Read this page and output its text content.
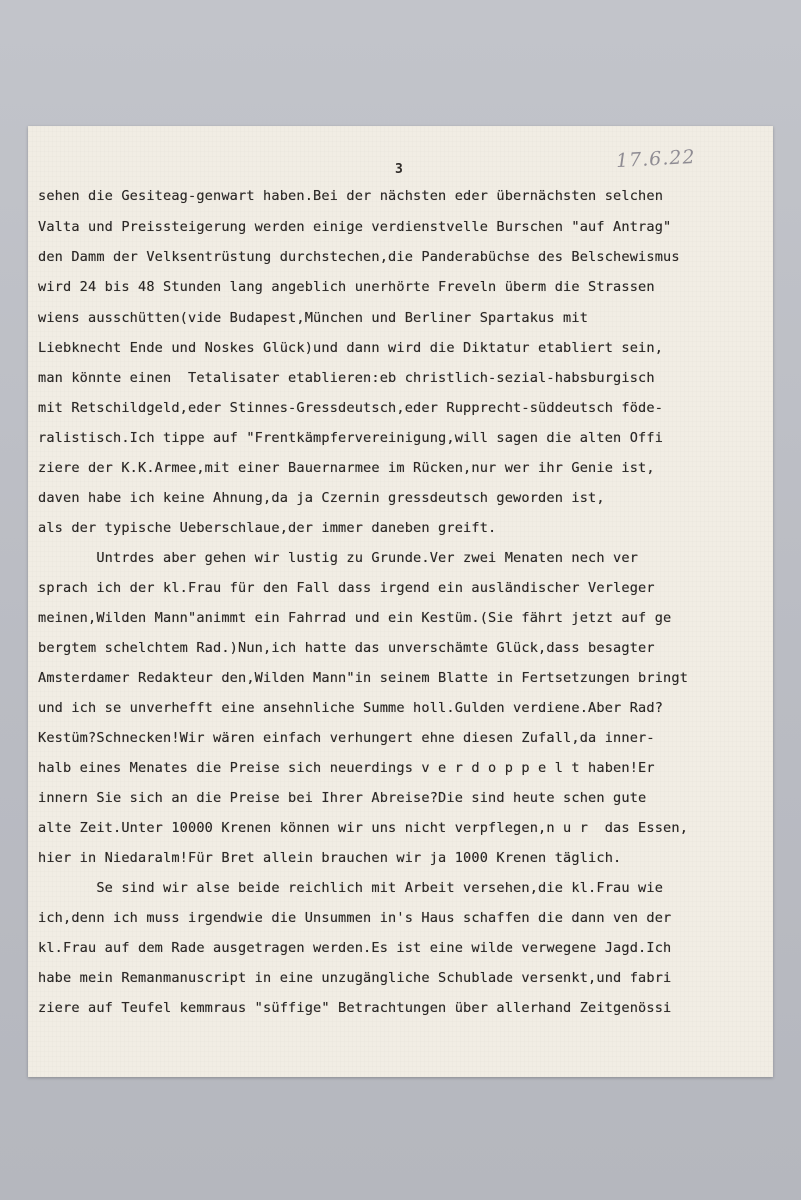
3	17.6.22
sehen die Gesiteag-genwart haben.Bei der nächsten eder übernächsten selchen
Valta und Preissteigerung werden einige verdienstvelle Burschen "auf Antrag"
den Damm der Velksentrüstung durchstechen,die Panderabüchse des Belschewismus
wird 24 bis 48 Stunden lang angeblich unerhörte Freveln überm die Strassen
wiens ausschütten(vide Budapest,München und Berliner Spartakus mit
Liebknecht Ende und Noskes Glück)und dann wird die Diktatur etabliert sein,
man könnte einen  Tetalisater etablieren:eb christlich-sezial-habsburgisch
mit Retschildgeld,eder Stinnes-Gressdeutsch,eder Rupprecht-süddeutsch föde-
ralistisch.Ich tippe auf "Frentkämpfervereinigung,will sagen die alten Offi
ziere der K.K.Armee,mit einer Bauernarmee im Rücken,nur wer ihr Genie ist,
daven habe ich keine Ahnung,da ja Czernin gressdeutsch geworden ist,
als der typische Ueberschlaue,der immer daneben greift.
Untrdes aber gehen wir lustig zu Grunde.Ver zwei Menaten nech ver
sprach ich der kl.Frau für den Fall dass irgend ein ausländischer Verleger
meinen,Wilden Mann"animmt ein Fahrrad und ein Kestüm.(Sie fährt jetzt auf ge
bergtem schelchtem Rad.)Nun,ich hatte das unverschämte Glück,dass besagter
Amsterdamer Redakteur den,Wilden Mann"in seinem Blatte in Fertsetzungen bringt
und ich se unverhefft eine ansehnliche Summe holl.Gulden verdiene.Aber Rad?
Kestüm?Schnecken!Wir wären einfach verhungert ehne diesen Zufall,da inner-
halb eines Menates die Preise sich neuerdings v e r d o p p e l t haben!Er
innern Sie sich an die Preise bei Ihrer Abreise?Die sind heute schen gute
alte Zeit.Unter 10000 Krenen können wir uns nicht verpflegen,n u r  das Essen,
hier in Niedaralm!Für Bret allein brauchen wir ja 1000 Krenen täglich.
Se sind wir alse beide reichlich mit Arbeit versehen,die kl.Frau wie
ich,denn ich muss irgendwie die Unsummen in's Haus schaffen die dann ven der
kl.Frau auf dem Rade ausgetragen werden.Es ist eine wilde verwegene Jagd.Ich
habe mein Remanmanuscript in eine unzugängliche Schublade versenkt,und fabri
ziere auf Teufel kemmraus "süffige" Betrachtungen über allerhand Zeitgenössi
